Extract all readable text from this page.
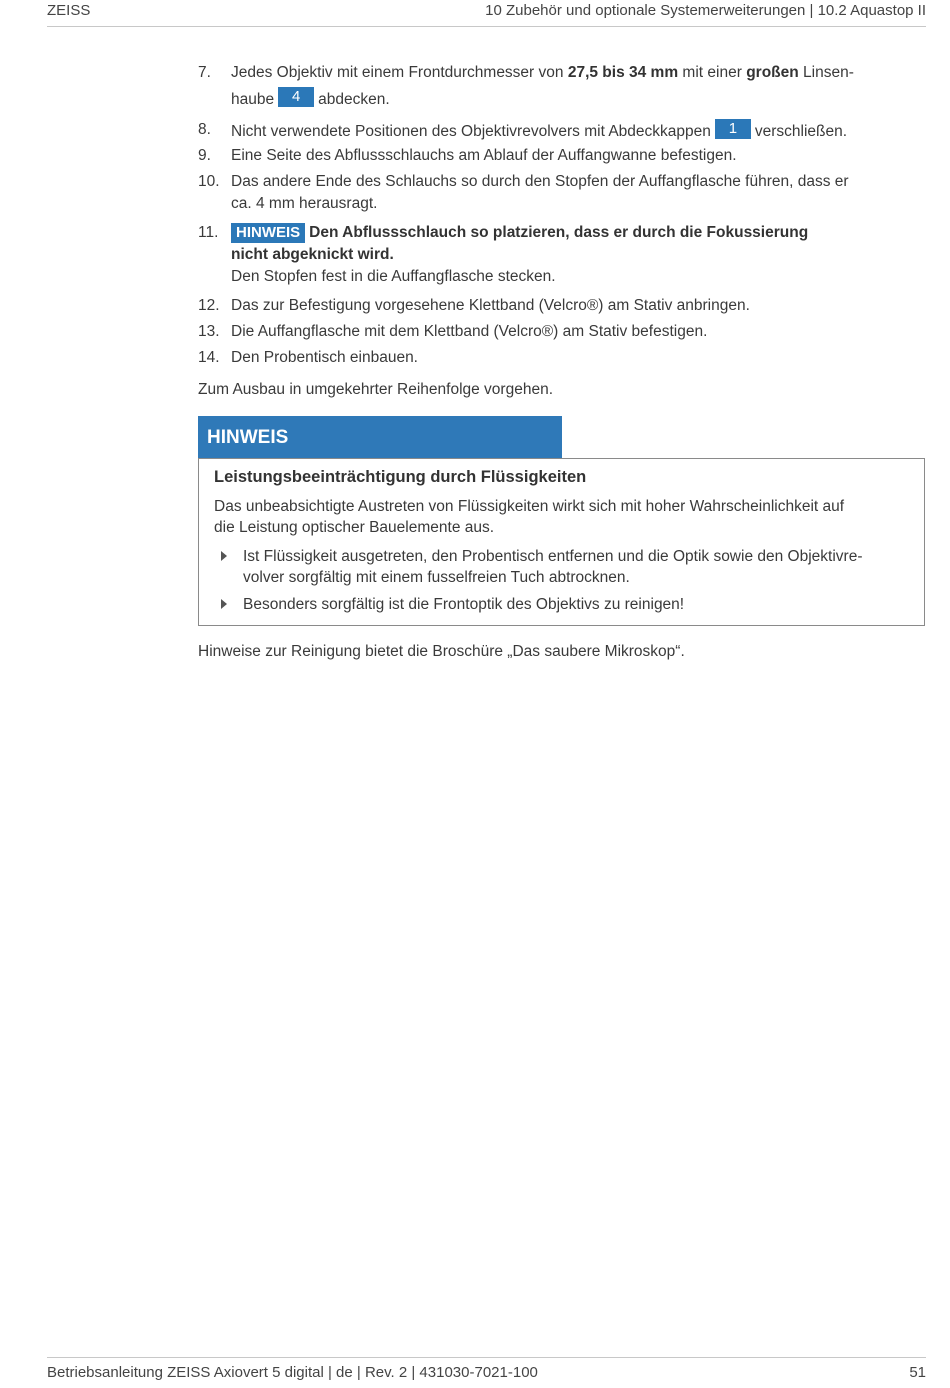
ZEISS	10 Zubehör und optionale Systemerweiterungen | 10.2 Aquastop II
7. Jedes Objektiv mit einem Frontdurchmesser von 27,5 bis 34 mm mit einer großen Linsen-
haube 4 abdecken.
8. Nicht verwendete Positionen des Objektivrevolvers mit Abdeckkappen 1 verschließen.
9. Eine Seite des Abflussschlauchs am Ablauf der Auffangwanne befestigen.
10. Das andere Ende des Schlauchs so durch den Stopfen der Auffangflasche führen, dass er
ca. 4 mm herausragt.
11. HINWEIS Den Abflussschlauch so platzieren, dass er durch die Fokussierung
nicht abgeknickt wird.
Den Stopfen fest in die Auffangflasche stecken.
12. Das zur Befestigung vorgesehene Klettband (Velcro®) am Stativ anbringen.
13. Die Auffangflasche mit dem Klettband (Velcro®) am Stativ befestigen.
14. Den Probentisch einbauen.
Zum Ausbau in umgekehrter Reihenfolge vorgehen.
HINWEIS
Leistungsbeeinträchtigung durch Flüssigkeiten
Das unbeabsichtigte Austreten von Flüssigkeiten wirkt sich mit hoher Wahrscheinlichkeit auf
die Leistung optischer Bauelemente aus.
Ist Flüssigkeit ausgetreten, den Probentisch entfernen und die Optik sowie den Objektivre-
volver sorgfältig mit einem fusselfreien Tuch abtrocknen.
Besonders sorgfältig ist die Frontoptik des Objektivs zu reinigen!
Hinweise zur Reinigung bietet die Broschüre „Das saubere Mikroskop“.
Betriebsanleitung ZEISS Axiovert 5 digital | de | Rev. 2 | 431030-7021-100	51
